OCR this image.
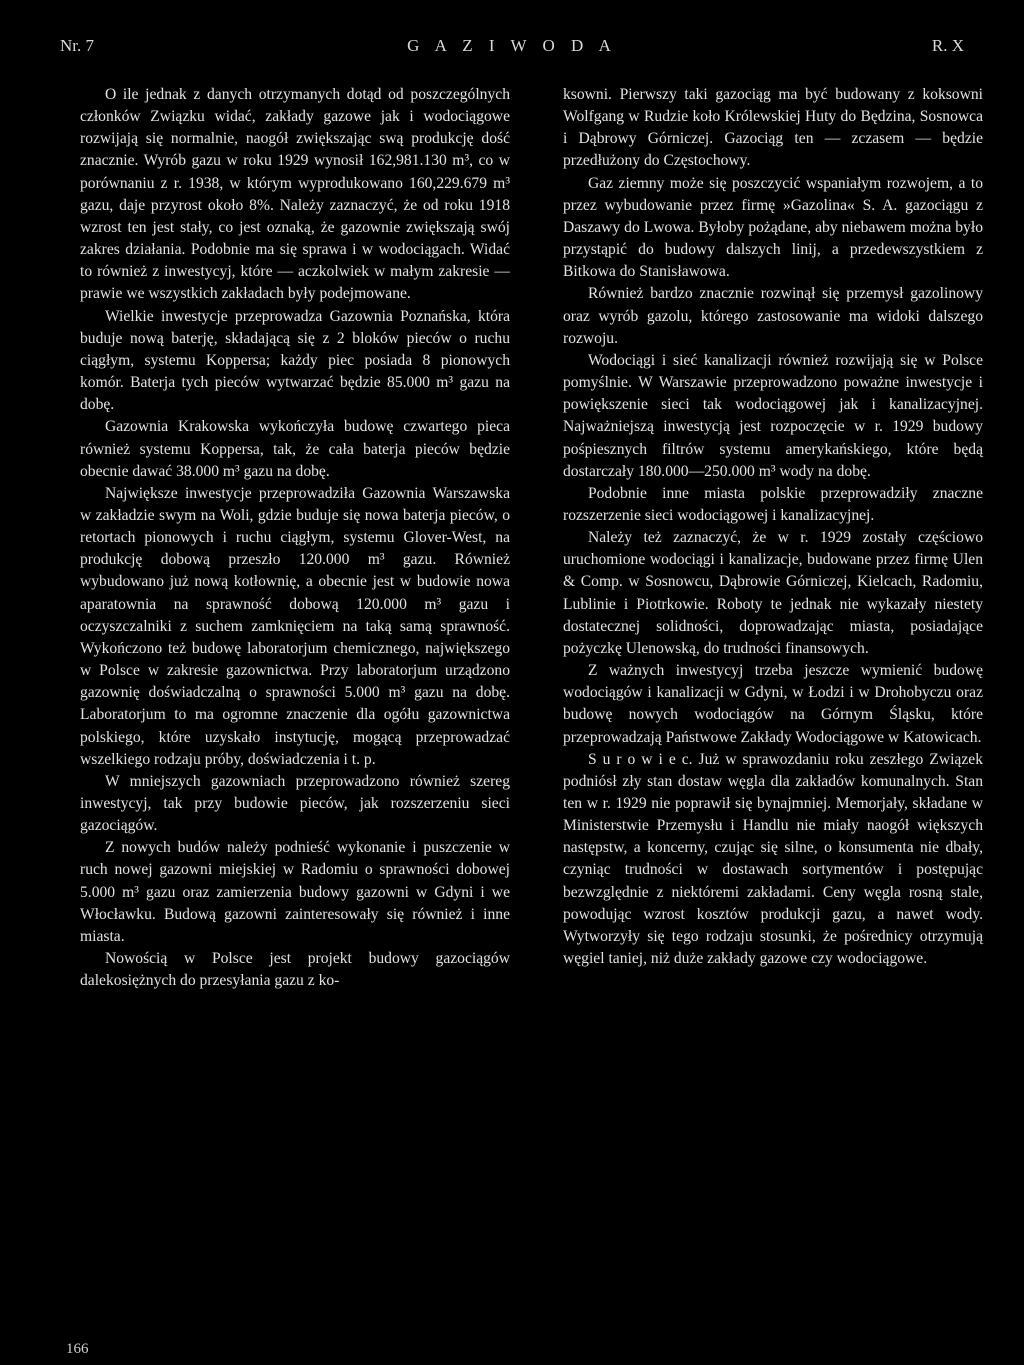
Nr. 7	G A Z I W O D A	R. X

O ile jednak z danych otrzymanych dotąd od poszczególnych członków Związku widać, zakłady gazowe jak i wodociągowe rozwijają się normalnie, naogół zwiększając swą produkcję dość znacznie. Wyrób gazu w roku 1929 wynosił 162,981.130 m³, co w porównaniu z r. 1938, w którym wyprodukowano 160,229.679 m³ gazu, daje przyrost około 8%. Należy zaznaczyć, że od roku 1918 wzrost ten jest stały, co jest oznaką, że gazownie zwiększają swój zakres działania. Podobnie ma się sprawa i w wodociągach. Widać to również z inwestycyj, które — aczkolwiek w małym zakresie — prawie we wszystkich zakładach były podejmowane.

Wielkie inwestycje przeprowadza Gazownia Poznańska, która buduje nową baterję, składającą się z 2 bloków pieców o ruchu ciągłym, systemu Koppersa; każdy piec posiada 8 pionowych komór. Baterja tych pieców wytwarzać będzie 85.000 m³ gazu na dobę.

Gazownia Krakowska wykończyła budowę czwartego pieca również systemu Koppersa, tak, że cała baterja pieców będzie obecnie dawać 38.000 m³ gazu na dobę.

Największe inwestycje przeprowadziła Gazownia Warszawska w zakładzie swym na Woli, gdzie buduje się nowa baterja pieców, o retortach pionowych i ruchu ciągłym, systemu Glover-West, na produkcję dobową przeszło 120.000 m³ gazu. Również wybudowano już nową kotłownię, a obecnie jest w budowie nowa aparatownia na sprawność dobową 120.000 m³ gazu i oczyszczalniki z suchem zamknięciem na taką samą sprawność. Wykończono też budowę laboratorjum chemicznego, największego w Polsce w zakresie gazownictwa. Przy laboratorjum urządzono gazownię doświadczalną o sprawności 5.000 m³ gazu na dobę. Laboratorjum to ma ogromne znaczenie dla ogółu gazownictwa polskiego, które uzyskało instytucję, mogącą przeprowadzać wszelkiego rodzaju próby, doświadczenia i t. p.

W mniejszych gazowniach przeprowadzono również szereg inwestycyj, tak przy budowie pieców, jak rozszerzeniu sieci gazociągów.

Z nowych budów należy podnieść wykonanie i puszczenie w ruch nowej gazowni miejskiej w Radomiu o sprawności dobowej 5.000 m³ gazu oraz zamierzenia budowy gazowni w Gdyni i we Włocławku. Budową gazowni zainteresowały się również i inne miasta.

Nowością w Polsce jest projekt budowy gazociągów dalekosiężnych do przesyłania gazu z ko-

ksowni. Pierwszy taki gazociąg ma być budowany z koksowni Wolfgang w Rudzie koło Królewskiej Huty do Będzina, Sosnowca i Dąbrowy Górniczej. Gazociąg ten — zczasem — będzie przedłużony do Częstochowy.

Gaz ziemny może się poszczycić wspaniałym rozwojem, a to przez wybudowanie przez firmę »Gazolina« S. A. gazociągu z Daszawy do Lwowa. Byłoby pożądane, aby niebawem można było przystąpić do budowy dalszych linij, a przedewszystkiem z Bitkowa do Stanisławowa.

Również bardzo znacznie rozwinął się przemysł gazolinowy oraz wyrób gazolu, którego zastosowanie ma widoki dalszego rozwoju.

Wodociągi i sieć kanalizacji również rozwijają się w Polsce pomyślnie. W Warszawie przeprowadzono poważne inwestycje i powiększenie sieci tak wodociągowej jak i kanalizacyjnej. Najważniejszą inwestycją jest rozpoczęcie w r. 1929 budowy pośpiesznych filtrów systemu amerykańskiego, które będą dostarczały 180.000—250.000 m³ wody na dobę.

Podobnie inne miasta polskie przeprowadziły znaczne rozszerzenie sieci wodociągowej i kanalizacyjnej.

Należy też zaznaczyć, że w r. 1929 zostały częściowo uruchomione wodociągi i kanalizacje, budowane przez firmę Ulen & Comp. w Sosnowcu, Dąbrowie Górniczej, Kielcach, Radomiu, Lublinie i Piotrkowie. Roboty te jednak nie wykazały niestety dostatecznej solidności, doprowadzając miasta, posiadające pożyczkę Ulenowską, do trudności finansowych.

Z ważnych inwestycyj trzeba jeszcze wymienić budowę wodociągów i kanalizacji w Gdyni, w Łodzi i w Drohobyczu oraz budowę nowych wodociągów na Górnym Śląsku, które przeprowadzają Państwowe Zakłady Wodociągowe w Katowicach.

S u r o w i e c. Już w sprawozdaniu roku zeszłego Związek podniósł zły stan dostaw węgla dla zakładów komunalnych. Stan ten w r. 1929 nie poprawił się bynajmniej. Memorjały, składane w Ministerstwie Przemysłu i Handlu nie miały naogół większych następstw, a koncerny, czując się silne, o konsumenta nie dbały, czyniąc trudności w dostawach sortymentów i postępując bezwzględnie z niektóremi zakładami. Ceny węgla rosną stale, powodując wzrost kosztów produkcji gazu, a nawet wody. Wytworzyły się tego rodzaju stosunki, że pośrednicy otrzymują węgiel taniej, niż duże zakłady gazowe czy wodociągowe.

166
